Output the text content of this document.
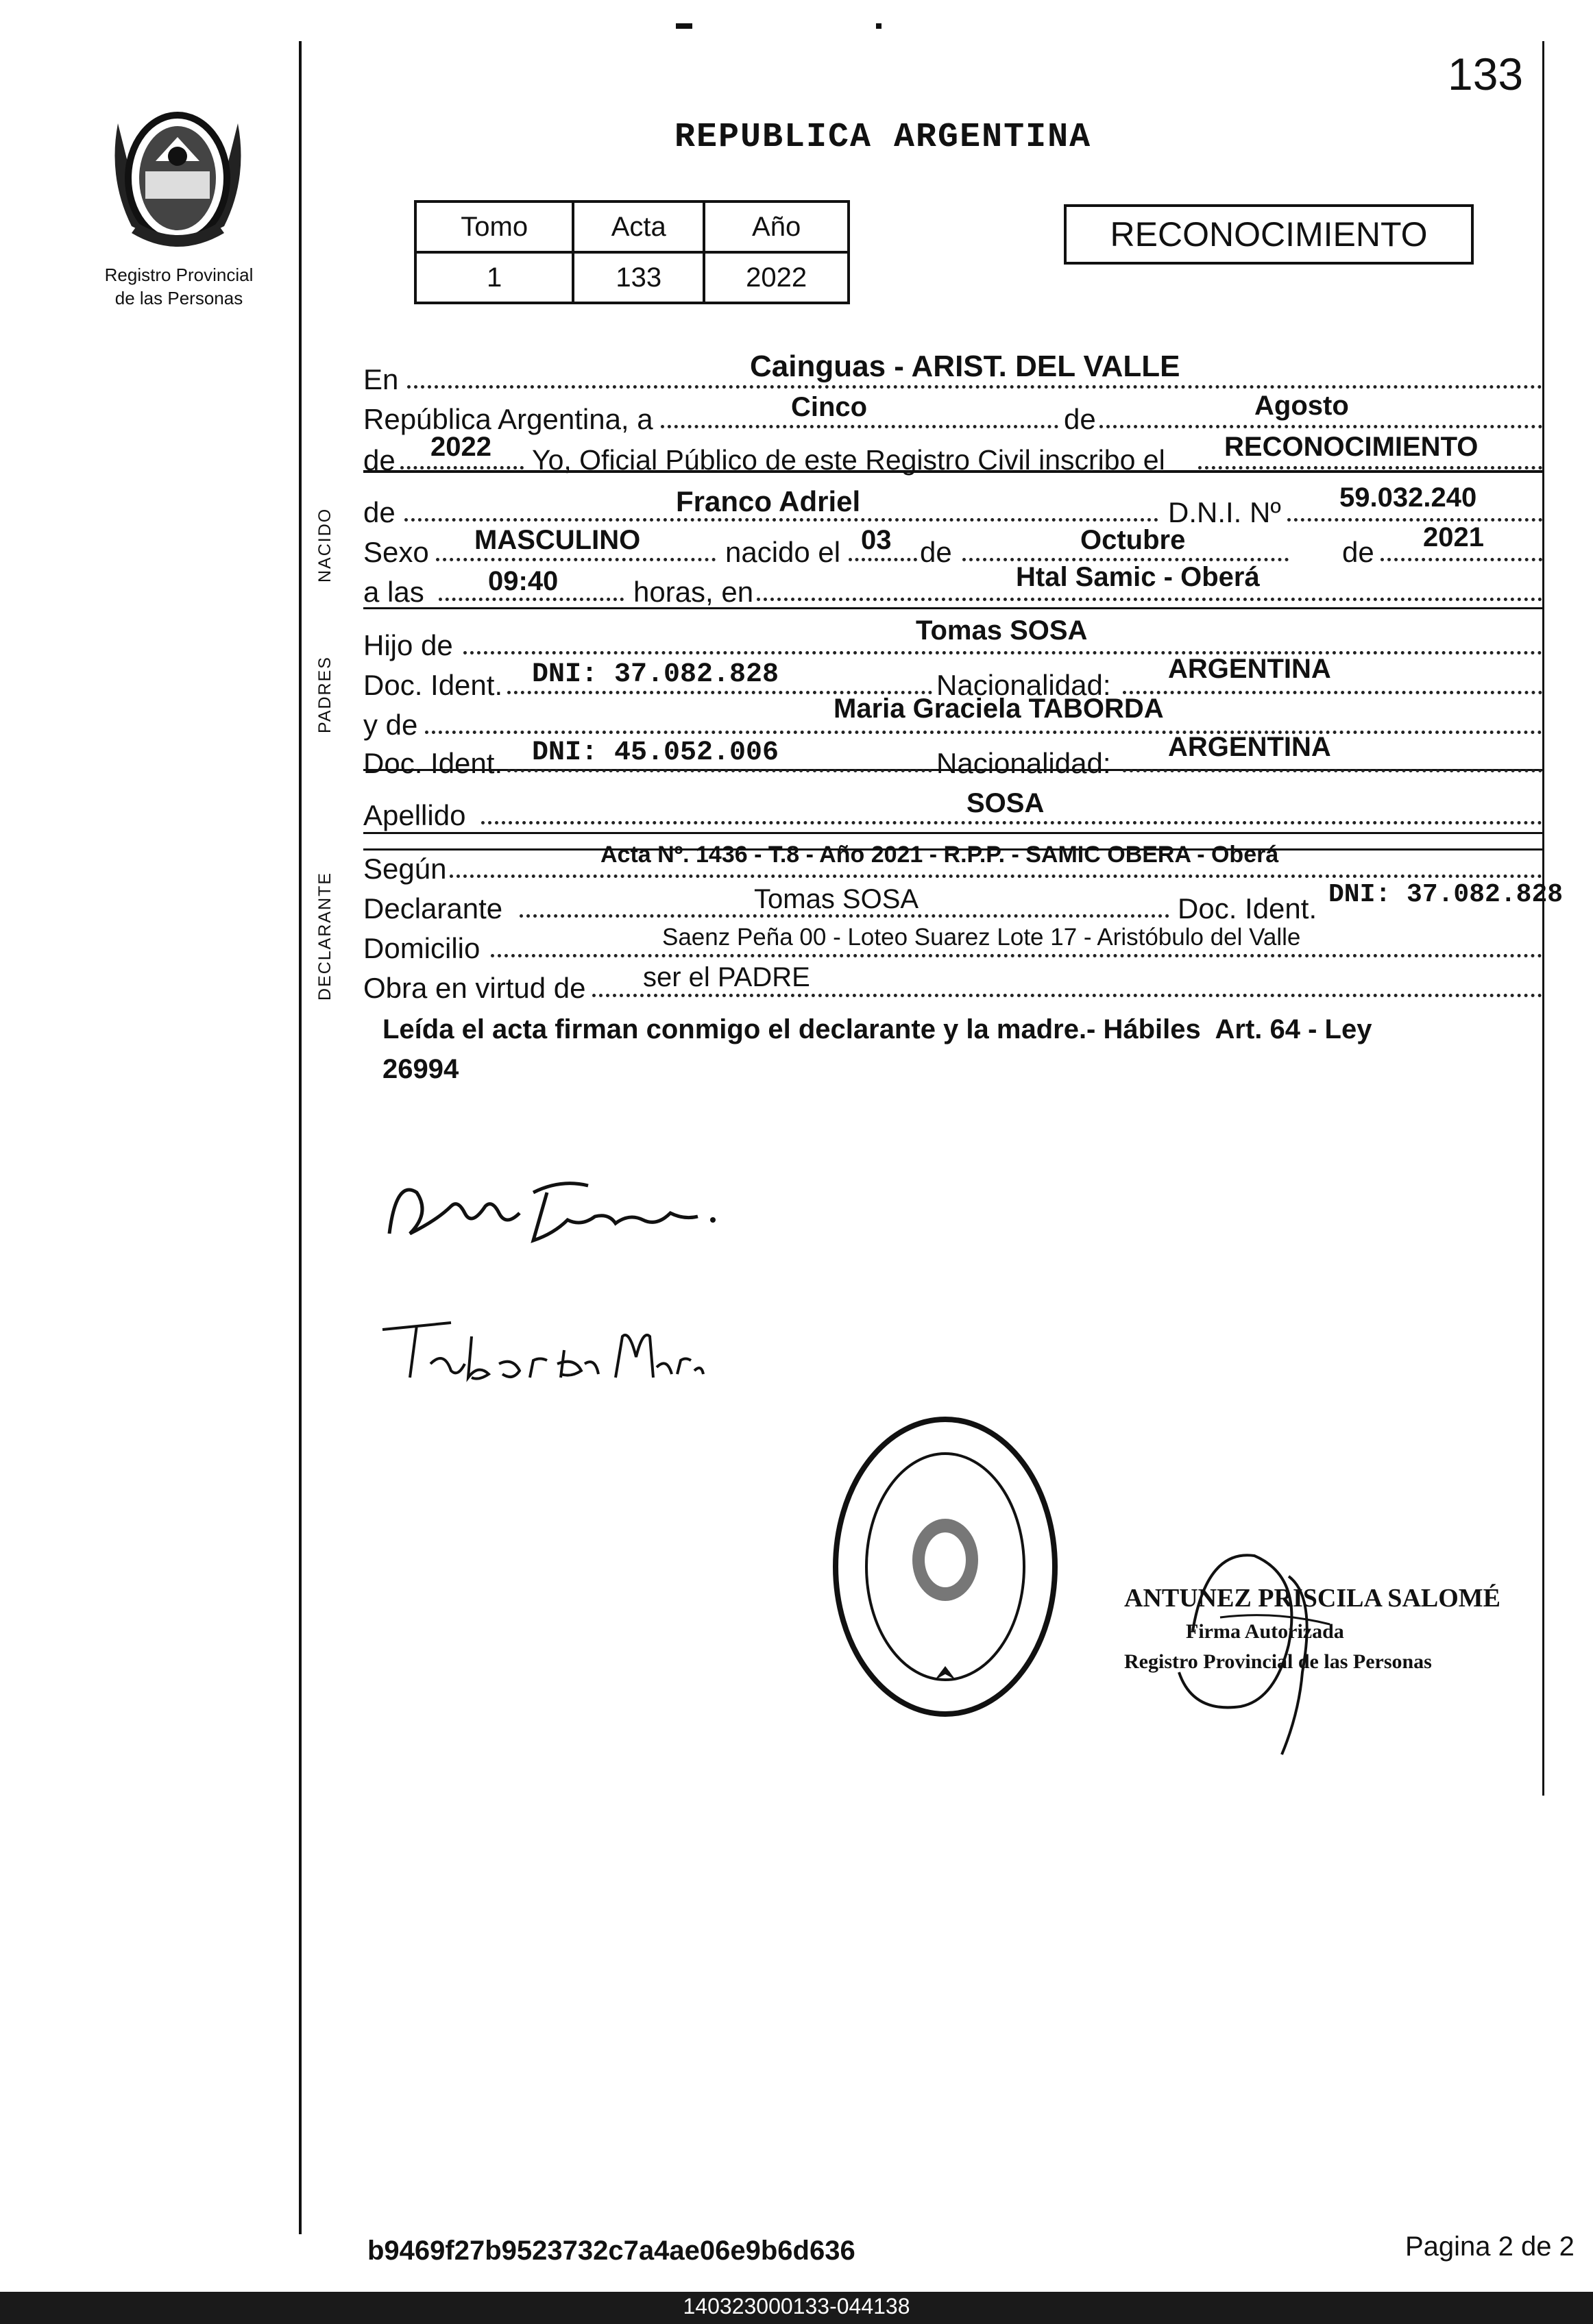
133
Registro Provincial
de las Personas
REPUBLICA ARGENTINA
Tomo	Acta	Año
1	133	2022
RECONOCIMIENTO
NACIDO
PADRES
DECLARANTE
En	Cainguas - ARIST. DEL VALLE
República Argentina, a	Cinco	de	Agosto
de 2022 Yo, Oficial Público de este Registro Civil inscribo el RECONOCIMIENTO
de	Franco Adriel	D.N.I. Nº 59.032.240
Sexo MASCULINO	nacido el 03 de	Octubre	de 2021
a las 09:40	horas, en	Htal Samic - Oberá
Hijo de	Tomas SOSA
Doc. Ident. DNI: 37.082.828	Nacionalidad: ARGENTINA
y de	Maria Graciela TABORDA
Doc. Ident. DNI: 45.052.006	Nacionalidad: ARGENTINA
Apellido	SOSA
Según	Acta Nº. 1436 - T.8 - Año 2021 - R.P.P. - SAMIC OBERA - Oberá
Declarante	Tomas SOSA	Doc. Ident. DNI: 37.082.828
Domicilio	Saenz Peña 00 - Loteo Suarez Lote 17 - Aristóbulo del Valle
Obra en virtud de ser el PADRE
Leída el acta firman conmigo el declarante y la madre.- Hábiles  Art. 64 - Ley
26994
ANTUNEZ PRISCILA SALOMÉ
Firma Autorizada
Registro Provincial de las Personas
b9469f27b9523732c7a4ae06e9b6d636	Pagina 2 de 2
140323000133-044138
